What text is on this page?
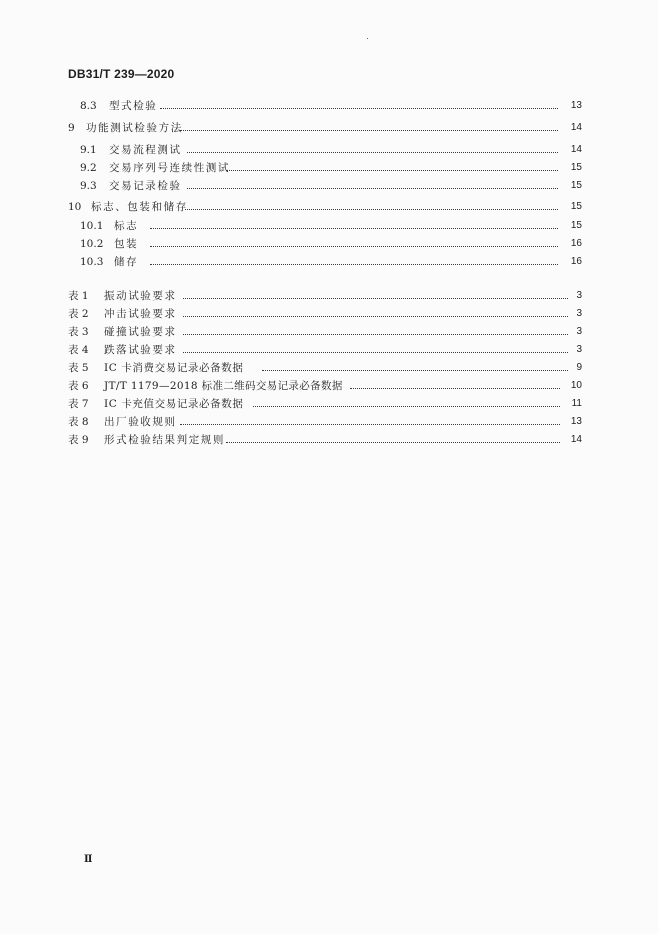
DB31/T 239—2020
8.3 型式检验	13
9 功能测试检验方法	14
9.1 交易流程测试	14
9.2 交易序列号连续性测试	15
9.3 交易记录检验	15
10 标志、包装和储存	15
10.1 标志	15
10.2 包装	16
10.3 储存	16
表 1 振动试验要求	3
表 2 冲击试验要求	3
表 3 碰撞试验要求	3
表 4 跌落试验要求	3
表 5 IC 卡消费交易记录必备数据	9
表 6 JT/T 1179—2018 标准二维码交易记录必备数据	10
表 7 IC 卡充值交易记录必备数据	11
表 8 出厂验收规则	13
表 9 形式检验结果判定规则	14
Ⅱ
